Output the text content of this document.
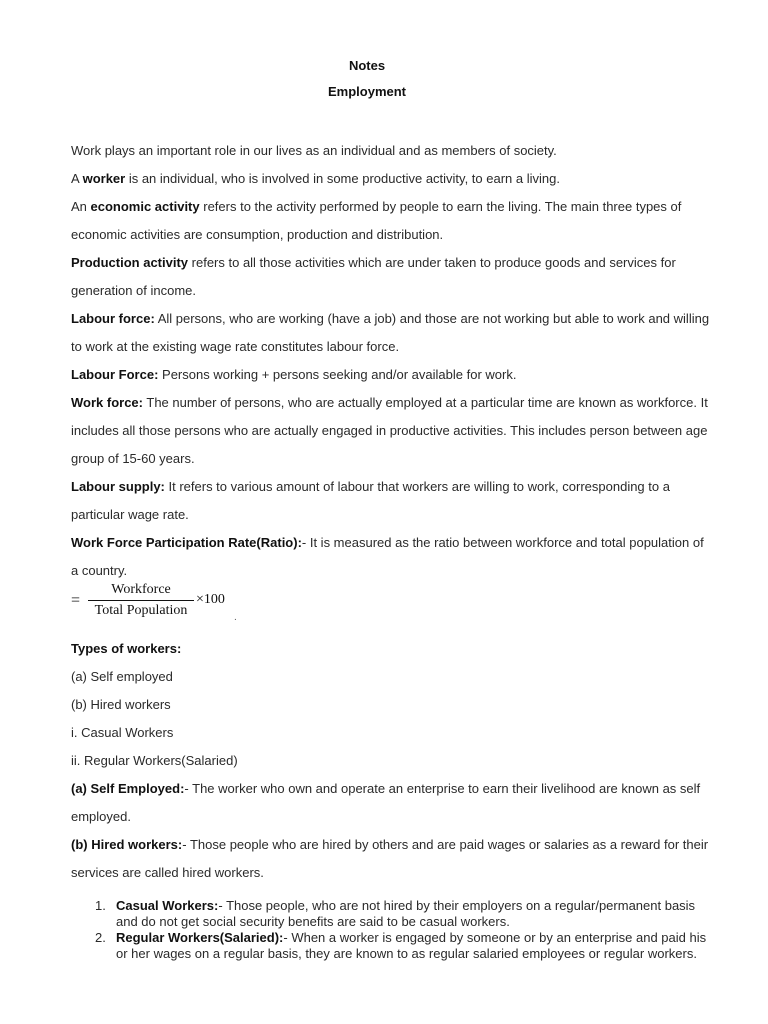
Notes
Employment
Work plays an important role in our lives as an individual and as members of society.
A worker is an individual, who is involved in some productive activity, to earn a living.
An economic activity refers to the activity performed by people to earn the living. The main three types of
economic activities are consumption, production and distribution.
Production activity refers to all those activities which are under taken to produce goods and services for
generation of income.
Labour force: All persons, who are working (have a job) and those are not working but able to work and willing
to work at the existing wage rate constitutes labour force.
Labour Force: Persons working + persons seeking and/or available for work.
Work force: The number of persons, who are actually employed at a particular time are known as workforce. It
includes all those persons who are actually engaged in productive activities. This includes person between age
group of 15-60 years.
Labour supply: It refers to various amount of labour that workers are willing to work, corresponding to a
particular wage rate.
Work Force Participation Rate(Ratio):- It is measured as the ratio between workforce and total population of
a country.
=
Workforce
Total Population
×100
.
Types of workers:
(a) Self employed
(b) Hired workers
i. Casual Workers
ii. Regular Workers(Salaried)
(a) Self Employed:- The worker who own and operate an enterprise to earn their livelihood are known as self
employed.
(b) Hired workers:- Those people who are hired by others and are paid wages or salaries as a reward for their
services are called hired workers.
1. Casual Workers:- Those people, who are not hired by their employers on a regular/permanent basis
and do not get social security benefits are said to be casual workers.
2. Regular Workers(Salaried):- When a worker is engaged by someone or by an enterprise and paid his
or her wages on a regular basis, they are known to as regular salaried employees or regular workers.
